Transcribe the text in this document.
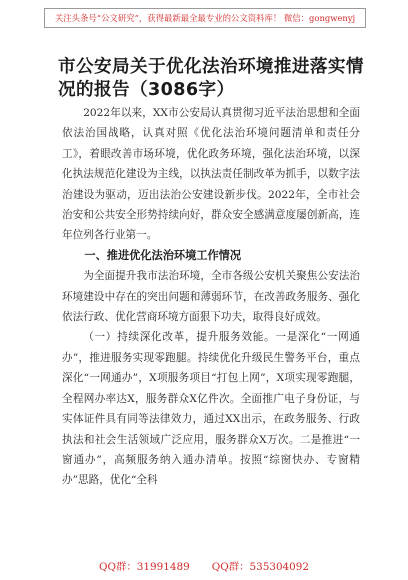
关注头条号“公文研究”，获得最新最全最专业的公文资料库！ 微信：gongwenyj
市公安局关于优化法治环境推进落实情况的报告（3086字）

2022年以来，XX市公安局认真贯彻习近平法治思想和全面依法治国战略，认真对照《优化法治环境问题清单和责任分工》，着眼改善市场环境，优化政务环境，强化法治环境，以深化执法规范化建设为主线，以执法责任制改革为抓手，以数字法治建设为驱动，迈出法治公安建设新步伐。2022年，全市社会治安和公共安全形势持续向好，群众安全感满意度屡创新高，连年位列各行业第一。

一、推进优化法治环境工作情况

为全面提升我市法治环境，全市各级公安机关聚焦公安法治环境建设中存在的突出问题和薄弱环节，在改善政务服务、强化依法行政、优化营商环境方面狠下功夫，取得良好成效。

（一）持续深化改革，提升服务效能。一是深化“一网通办”，推进服务实现零跑腿。持续优化升级民生警务平台，重点深化“一网通办”，X项服务项目“打包上网”，X项实现零跑腿，全程网办率达X，服务群众X亿件次。全面推广电子身份证，与实体证件具有同等法律效力，通过XX出示，在政务服务、行政执法和社会生活领域广泛应用，服务群众X万次。二是推进“一窗通办”，高频服务纳入通办清单。按照“综窗快办、专窗精办”思路，优化“全科

QQ群：31991489 QQ群：535304092
